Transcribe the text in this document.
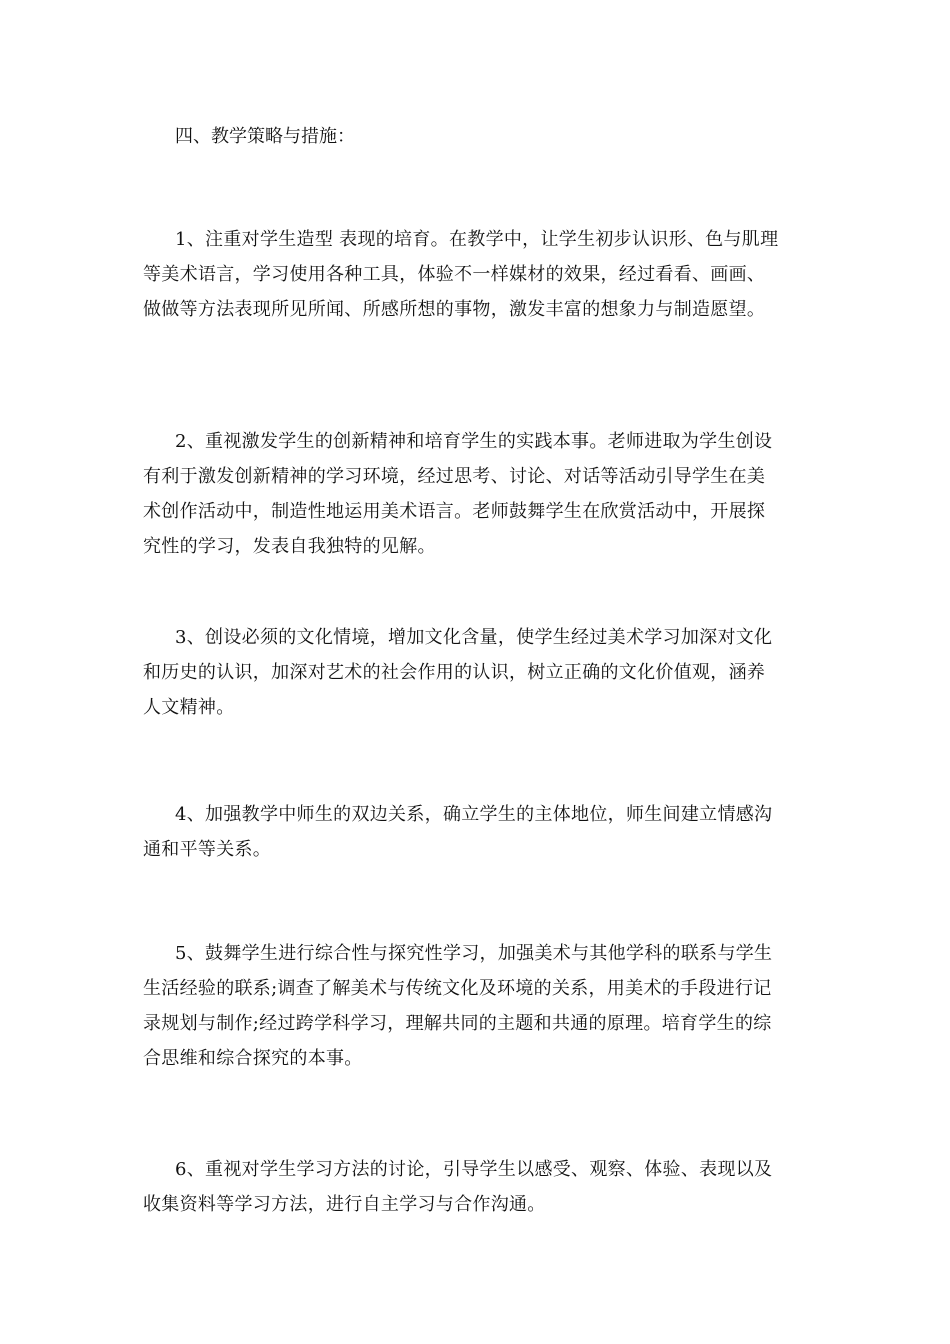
四、教学策略与措施：
1、注重对学生造型 表现的培育。在教学中，让学生初步认识形、色与肌理
等美术语言，学习使用各种工具，体验不一样媒材的效果，经过看看、画画、
做做等方法表现所见所闻、所感所想的事物，激发丰富的想象力与制造愿望。
2、重视激发学生的创新精神和培育学生的实践本事。老师进取为学生创设
有利于激发创新精神的学习环境，经过思考、讨论、对话等活动引导学生在美
术创作活动中，制造性地运用美术语言。老师鼓舞学生在欣赏活动中，开展探
究性的学习，发表自我独特的见解。
3、创设必须的文化情境，增加文化含量，使学生经过美术学习加深对文化
和历史的认识，加深对艺术的社会作用的认识，树立正确的文化价值观，涵养
人文精神。
4、加强教学中师生的双边关系，确立学生的主体地位，师生间建立情感沟
通和平等关系。
5、鼓舞学生进行综合性与探究性学习，加强美术与其他学科的联系与学生
生活经验的联系;调查了解美术与传统文化及环境的关系，用美术的手段进行记
录规划与制作;经过跨学科学习，理解共同的主题和共通的原理。培育学生的综
合思维和综合探究的本事。
6、重视对学生学习方法的讨论，引导学生以感受、观察、体验、表现以及
收集资料等学习方法，进行自主学习与合作沟通。
